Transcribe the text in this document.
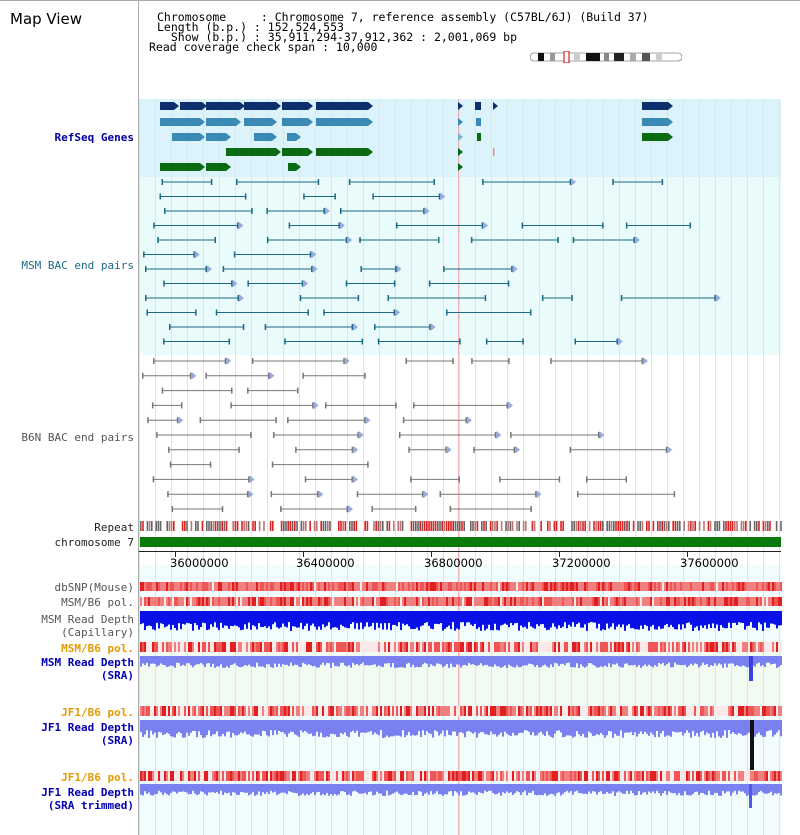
Map View	Chromosome     : Chromosome 7, reference assembly (C57BL/6J) (Build 37)
Length (b.p.) : 152,524,553
Show (b.p.) : 35,911,294-37,912,362 : 2,001,069 bp
Read coverage check span : 10,000
RefSeq Genes
MSM BAC end pairs
B6N BAC end pairs
Repeat
chromosome 7
dbSNP(Mouse)
MSM/B6 pol.
MSM Read Depth
(Capillary)
MSM/B6 pol.
MSM Read Depth
(SRA)
JF1/B6 pol.
JF1 Read Depth
(SRA)
JF1/B6 pol.
JF1 Read Depth
(SRA trimmed)
36000000	36400000	36800000	37200000	37600000
